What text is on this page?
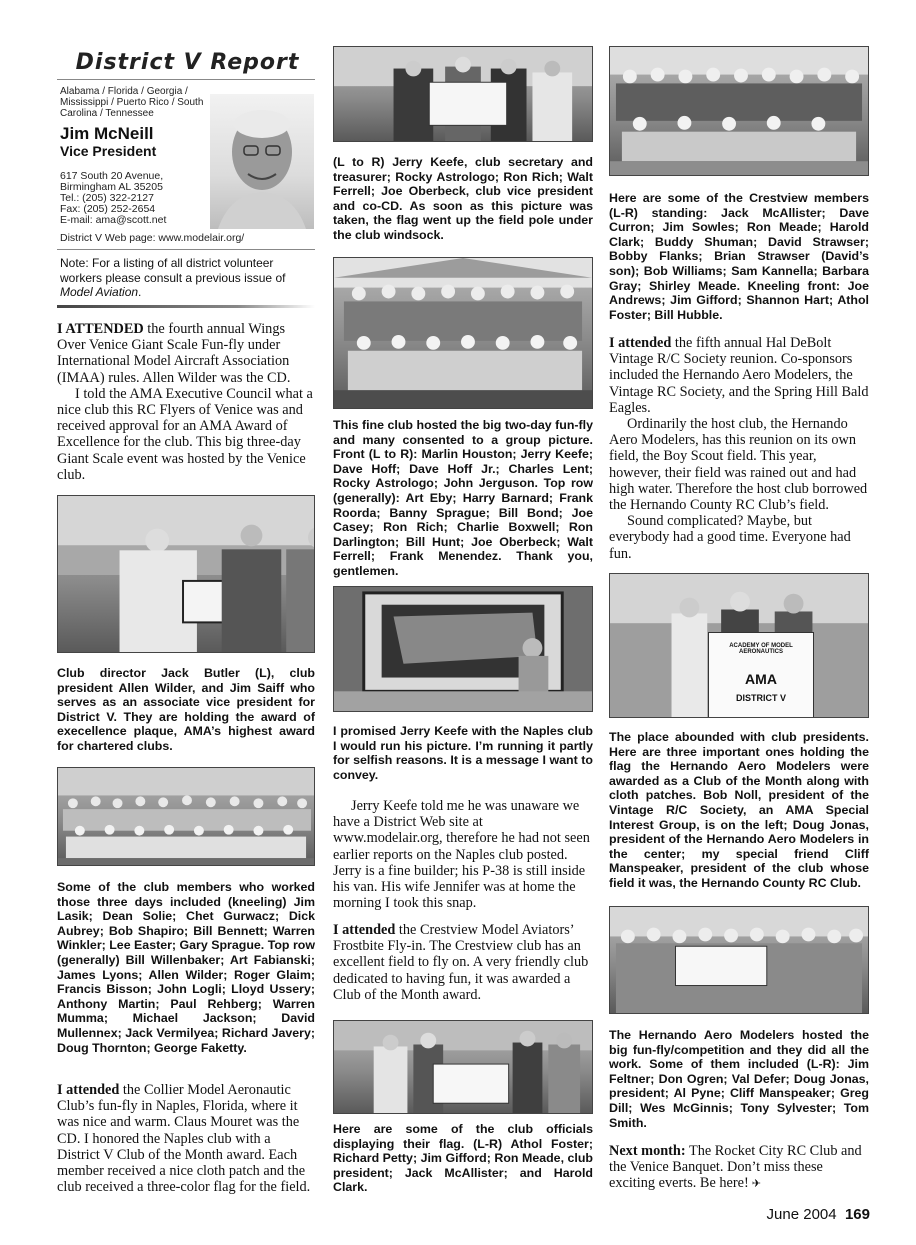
District V Report
Alabama / Florida / Georgia / Mississippi / Puerto Rico / South Carolina / Tennessee
Jim McNeill
Vice President
617 South 20 Avenue,
Birmingham AL 35205
Tel.: (205) 322-2127
Fax: (205) 252-2654
E-mail: ama@scott.net
District V Web page: www.modelair.org/
Note: For a listing of all district volunteer workers please consult a previous issue of Model Aviation.

I ATTENDED the fourth annual Wings Over Venice Giant Scale Fun-fly under International Model Aircraft Association (IMAA) rules. Allen Wilder was the CD.

I told the AMA Executive Council what a nice club this RC Flyers of Venice was and received approval for an AMA Award of Excellence for the club. This big three-day Giant Scale event was hosted by the Venice club.

Club director Jack Butler (L), club president Allen Wilder, and Jim Saiff who serves as an associate vice president for District V. They are holding the award of execellence plaque, AMA’s highest award for chartered clubs.
Some of the club members who worked those three days included (kneeling) Jim Lasik; Dean Solie; Chet Gurwacz; Dick Aubrey; Bob Shapiro; Bill Bennett; Warren Winkler; Lee Easter; Gary Sprague. Top row (generally) Bill Willenbaker; Art Fabianski; James Lyons; Allen Wilder; Roger Glaim; Francis Bisson; John Logli; Lloyd Ussery; Anthony Martin; Paul Rehberg; Warren Mumma; Michael Jackson; David Mullennex; Jack Vermilyea; Richard Javery; Doug Thornton; George Faketty.

I attended the Collier Model Aeronautic Club’s fun-fly in Naples, Florida, where it was nice and warm. Claus Mouret was the CD. I honored the Naples club with a District V Club of the Month award. Each member received a nice cloth patch and the club received a three-color flag for the field.

(L to R) Jerry Keefe, club secretary and treasurer; Rocky Astrologo; Ron Rich; Walt Ferrell; Joe Oberbeck, club vice president and co-CD. As soon as this picture was taken, the flag went up the field pole under the club windsock.
This fine club hosted the big two-day fun-fly and many consented to a group picture. Front (L to R): Marlin Houston; Jerry Keefe; Dave Hoff; Dave Hoff Jr.; Charles Lent; Rocky Astrologo; John Jerguson. Top row (generally): Art Eby; Harry Barnard; Frank Roorda; Banny Sprague; Bill Bond; Joe Casey; Ron Rich; Charlie Boxwell; Ron Darlington; Bill Hunt; Joe Oberbeck; Walt Ferrell; Frank Menendez. Thank you, gentlemen.
I promised Jerry Keefe with the Naples club I would run his picture. I’m running it partly for selfish reasons. It is a message I want to convey.

Jerry Keefe told me he was unaware we have a District Web site at www.modelair.org, therefore he had not seen earlier reports on the Naples club posted. Jerry is a fine builder; his P-38 is still inside his van. His wife Jennifer was at home the morning I took this snap.

I attended the Crestview Model Aviators’ Frostbite Fly-in. The Crestview club has an excellent field to fly on. A very friendly club dedicated to having fun, it was awarded a Club of the Month award.

Here are some of the club officials displaying their flag. (L-R) Athol Foster; Richard Petty; Jim Gifford; Ron Meade, club president; Jack McAllister; and Harold Clark.
Here are some of the Crestview members (L-R) standing: Jack McAllister; Dave Curron; Jim Sowles; Ron Meade; Harold Clark; Buddy Shuman; David Strawser; Bobby Flanks; Brian Strawser (David’s son); Bob Williams; Sam Kannella; Barbara Gray; Shirley Meade. Kneeling front: Joe Andrews; Jim Gifford; Shannon Hart; Athol Foster; Bill Hubble.

I attended the fifth annual Hal DeBolt Vintage R/C Society reunion. Co-sponsors included the Hernando Aero Modelers, the Vintage RC Society, and the Spring Hill Bald Eagles.

Ordinarily the host club, the Hernando Aero Modelers, has this reunion on its own field, the Boy Scout field. This year, however, their field was rained out and had high water. Therefore the host club borrowed the Hernando County RC Club’s field.

Sound complicated? Maybe, but everybody had a good time. Everyone had fun.

ACADEMY OF MODEL AERONAUTICS
AMA
DISTRICT V
The place abounded with club presidents. Here are three important ones holding the flag the Hernando Aero Modelers were awarded as a Club of the Month along with cloth patches. Bob Noll, president of the Vintage R/C Society, an AMA Special Interest Group, is on the left; Doug Jonas, president of the Hernando Aero Modelers in the center; my special friend Cliff Manspeaker, president of the club whose field it was, the Hernando County RC Club.
The Hernando Aero Modelers hosted the big fun-fly/competition and they did all the work. Some of them included (L-R): Jim Feltner; Don Ogren; Val Defer; Doug Jonas, president; Al Pyne; Cliff Manspeaker; Greg Dill; Wes McGinnis; Tony Sylvester; Tom Smith.

Next month: The Rocket City RC Club and the Venice Banquet. Don’t miss these exciting everts. Be here! ✈

June 2004 169
